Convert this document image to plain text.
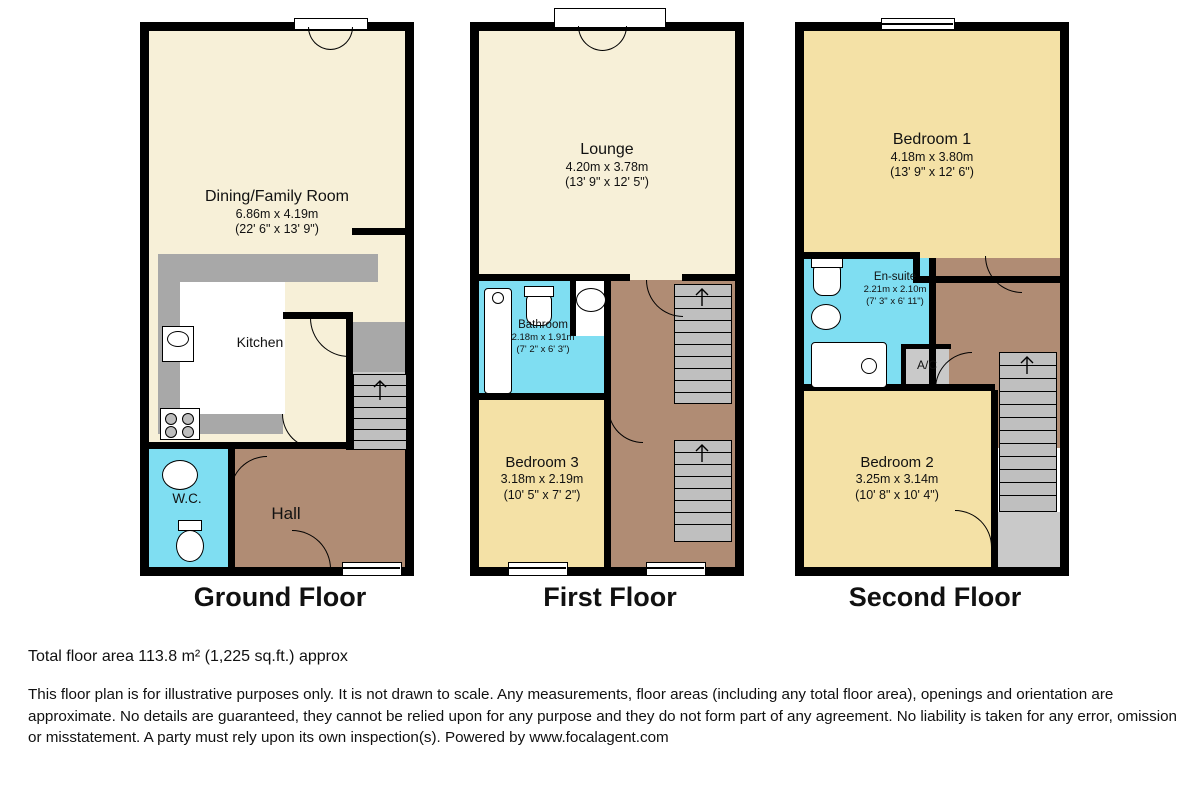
Dining/Family Room
6.86m x 4.19m
(22' 6" x 13' 9")
Kitchen
W.C.
Hall
Ground Floor
Lounge
4.20m x 3.78m
(13' 9" x 12' 5")
Bathroom
2.18m x 1.91m
(7' 2" x 6' 3")
Bedroom 3
3.18m x 2.19m
(10' 5" x 7' 2")
First Floor
Bedroom 1
4.18m x 3.80m
(13' 9" x 12' 6")
En-suite
2.21m x 2.10m
(7' 3" x 6' 11")
A/C
Bedroom 2
3.25m x 3.14m
(10' 8" x 10' 4")
Second Floor
Total floor area 113.8 m² (1,225 sq.ft.) approx
This floor plan is for illustrative purposes only. It is not drawn to scale. Any measurements, floor areas (including any total floor area), openings and orientation are approximate. No details are guaranteed, they cannot be relied upon for any purpose and they do not form part of any agreement. No liability is taken for any error, omission or misstatement. A party must rely upon its own inspection(s). Powered by www.focalagent.com
